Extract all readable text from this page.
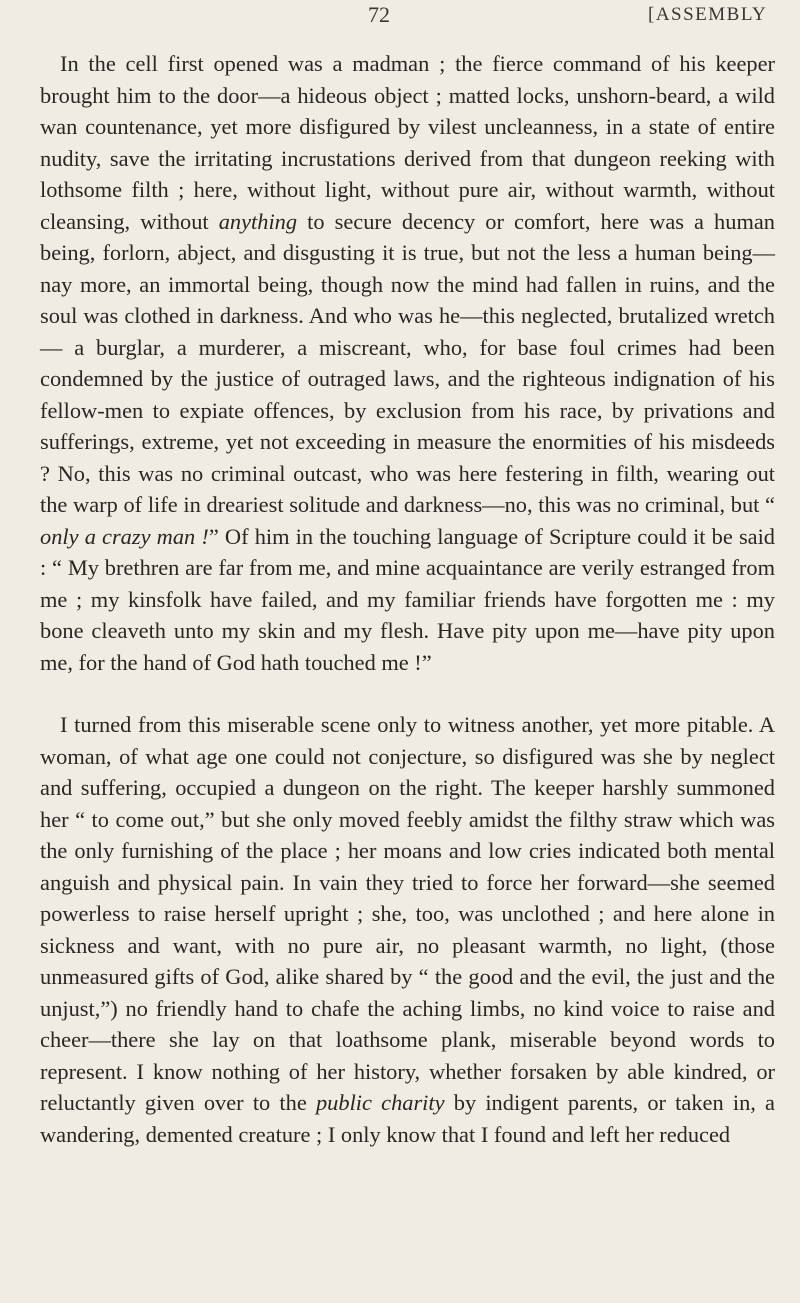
72	[ASSEMBLY

In the cell first opened was a madman ; the fierce command of his keeper brought him to the door—a hideous object ; matted locks, unshorn-beard, a wild wan countenance, yet more disfigured by vilest uncleanness, in a state of entire nudity, save the irritating incrustations derived from that dungeon reeking with lothsome filth ; here, without light, without pure air, without warmth, without cleansing, without anything to secure decency or comfort, here was a human being, forlorn, abject, and disgusting it is true, but not the less a human being—nay more, an immortal being, though now the mind had fallen in ruins, and the soul was clothed in darkness. And who was he—this neglected, brutalized wretch — a burglar, a murderer, a miscreant, who, for base foul crimes had been condemned by the justice of outraged laws, and the righteous indignation of his fellow-men to expiate offences, by exclusion from his race, by privations and sufferings, extreme, yet not exceeding in measure the enormities of his misdeeds ? No, this was no criminal outcast, who was here festering in filth, wearing out the warp of life in dreariest solitude and darkness—no, this was no criminal, but “ only a crazy man !” Of him in the touching language of Scripture could it be said : “ My brethren are far from me, and mine acquaintance are verily estranged from me ; my kinsfolk have failed, and my familiar friends have forgotten me : my bone cleaveth unto my skin and my flesh. Have pity upon me—have pity upon me, for the hand of God hath touched me !”

I turned from this miserable scene only to witness another, yet more pitable. A woman, of what age one could not conjecture, so disfigured was she by neglect and suffering, occupied a dungeon on the right. The keeper harshly summoned her “ to come out,” but she only moved feebly amidst the filthy straw which was the only furnishing of the place ; her moans and low cries indicated both mental anguish and physical pain. In vain they tried to force her forward—she seemed powerless to raise herself upright ; she, too, was unclothed ; and here alone in sickness and want, with no pure air, no pleasant warmth, no light, (those unmeasured gifts of God, alike shared by “ the good and the evil, the just and the unjust,”) no friendly hand to chafe the aching limbs, no kind voice to raise and cheer—there she lay on that loathsome plank, miserable beyond words to represent. I know nothing of her history, whether forsaken by able kindred, or reluctantly given over to the public charity by indigent parents, or taken in, a wandering, demented creature ; I only know that I found and left her reduced
